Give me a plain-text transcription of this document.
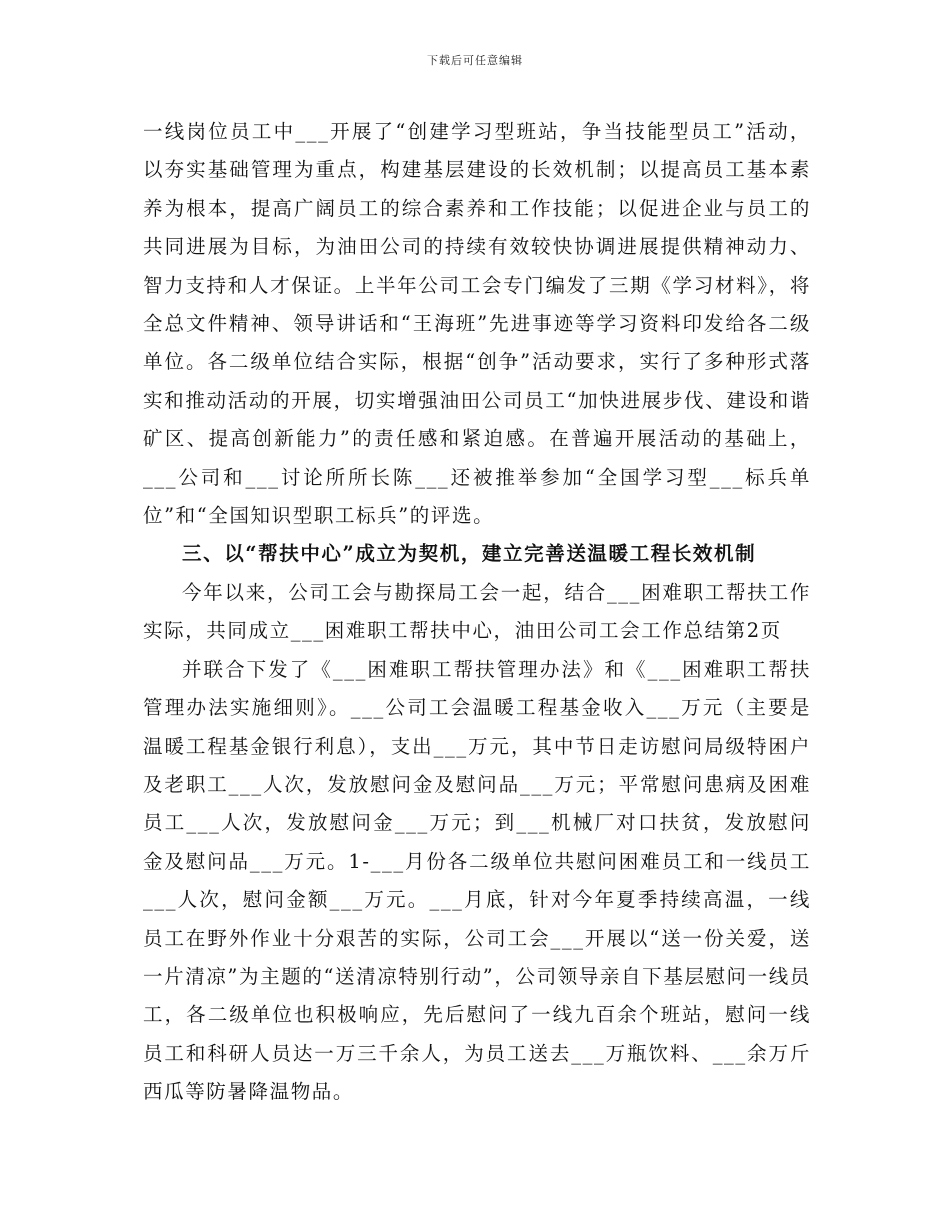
下载后可任意编辑

一线岗位员工中___开展了“创建学习型班站，争当技能型员工”活动，以夯实基础管理为重点，构建基层建设的长效机制；以提高员工基本素养为根本，提高广阔员工的综合素养和工作技能；以促进企业与员工的共同进展为目标，为油田公司的持续有效较快协调进展提供精神动力、智力支持和人才保证。上半年公司工会专门编发了三期《学习材料》，将全总文件精神、领导讲话和“王海班”先进事迹等学习资料印发给各二级单位。各二级单位结合实际，根据“创争”活动要求，实行了多种形式落实和推动活动的开展，切实增强油田公司员工“加快进展步伐、建设和谐矿区、提高创新能力”的责任感和紧迫感。在普遍开展活动的基础上，___公司和___讨论所所长陈___还被推举参加“全国学习型___标兵单位”和“全国知识型职工标兵”的评选。

三、以“帮扶中心”成立为契机，建立完善送温暖工程长效机制

今年以来，公司工会与勘探局工会一起，结合___困难职工帮扶工作实际，共同成立___困难职工帮扶中心，油田公司工会工作总结第2页

并联合下发了《___困难职工帮扶管理办法》和《___困难职工帮扶管理办法实施细则》。___公司工会温暖工程基金收入___万元（主要是温暖工程基金银行利息），支出___万元，其中节日走访慰问局级特困户及老职工___人次，发放慰问金及慰问品___万元；平常慰问患病及困难员工___人次，发放慰问金___万元；到___机械厂对口扶贫，发放慰问金及慰问品___万元。1-___月份各二级单位共慰问困难员工和一线员工___人次，慰问金额___万元。___月底，针对今年夏季持续高温，一线员工在野外作业十分艰苦的实际，公司工会___开展以“送一份关爱，送一片清凉”为主题的“送清凉特别行动”，公司领导亲自下基层慰问一线员工，各二级单位也积极响应，先后慰问了一线九百余个班站，慰问一线员工和科研人员达一万三千余人，为员工送去___万瓶饮料、___余万斤西瓜等防暑降温物品。
